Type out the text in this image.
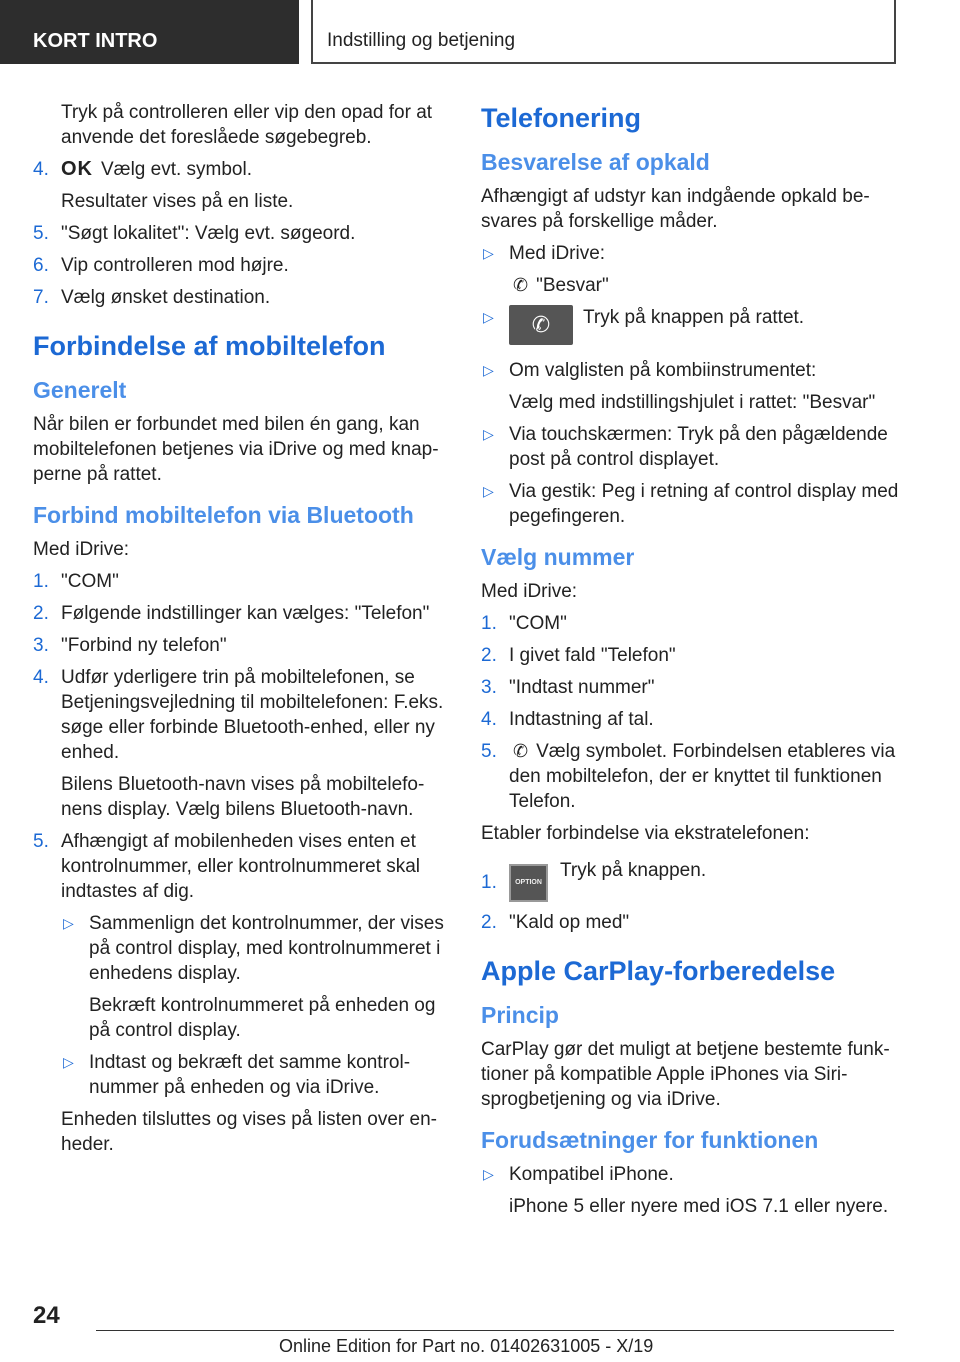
KORT INTRO	Indstilling og betjening

Tryk på controlleren eller vip den opad for at anvende det foreslåede søgebegreb.

4. OK Vælg evt. symbol.

Resultater vises på en liste.

5. "Søgt lokalitet": Vælg evt. søgeord.
6. Vip controlleren mod højre.
7. Vælg ønsket destination.
Forbindelse af mobiltelefon
Generelt

Når bilen er forbundet med bilen én gang, kan mobiltelefonen betjenes via iDrive og med knapperne på rattet.

Forbind mobiltelefon via Bluetooth

Med iDrive:

1. "COM"
2. Følgende indstillinger kan vælges: "Telefon"
3. "Forbind ny telefon"
4. Udfør yderligere trin på mobiltelefonen, se Betjeningsvejledning til mobiltelefonen: F.eks. søge eller forbinde Bluetooth-enhed, eller ny enhed.

Bilens Bluetooth-navn vises på mobiltelefonens display. Vælg bilens Bluetooth-navn.

5. Afhængigt af mobilenheden vises enten et kontrolnummer, eller kontrolnummeret skal indtastes af dig.
▷ Sammenlign det kontrolnummer, der vises på control display, med kontrolnummeret i enhedens display.

Bekræft kontrolnummeret på enheden og på control display.

▷ Indtast og bekræft det samme kontrolnummer på enheden og via iDrive.

Enheden tilsluttes og vises på listen over enheder.

Telefonering
Besvarelse af opkald

Afhængigt af udstyr kan indgående opkald besvares på forskellige måder.

▷ Med iDrive:

✆ "Besvar"

▷ ✆ Tryk på knappen på rattet.
▷ Om valglisten på kombiinstrumentet:

Vælg med indstillingshjulet i rattet: "Besvar"

▷ Via touchskærmen: Tryk på den pågældende post på control displayet.
▷ Via gestik: Peg i retning af control display med pegefingeren.
Vælg nummer

Med iDrive:

1. "COM"
2. I givet fald "Telefon"
3. "Indtast nummer"
4. Indtastning af tal.
5. ✆ Vælg symbolet. Forbindelsen etableres via den mobiltelefon, der er knyttet til funktionen Telefon.

Etabler forbindelse via ekstratelefonen:

1.	OPTIONTryk på knappen.
2. "Kald op med"
Apple CarPlay-forberedelse
Princip

CarPlay gør det muligt at betjene bestemte funktioner på kompatible Apple iPhones via Siri-sprogbetjening og via iDrive.

Forudsætninger for funktionen
▷ Kompatibel iPhone.

iPhone 5 eller nyere med iOS 7.1 eller nyere.

24
Online Edition for Part no. 01402631005 - X/19
